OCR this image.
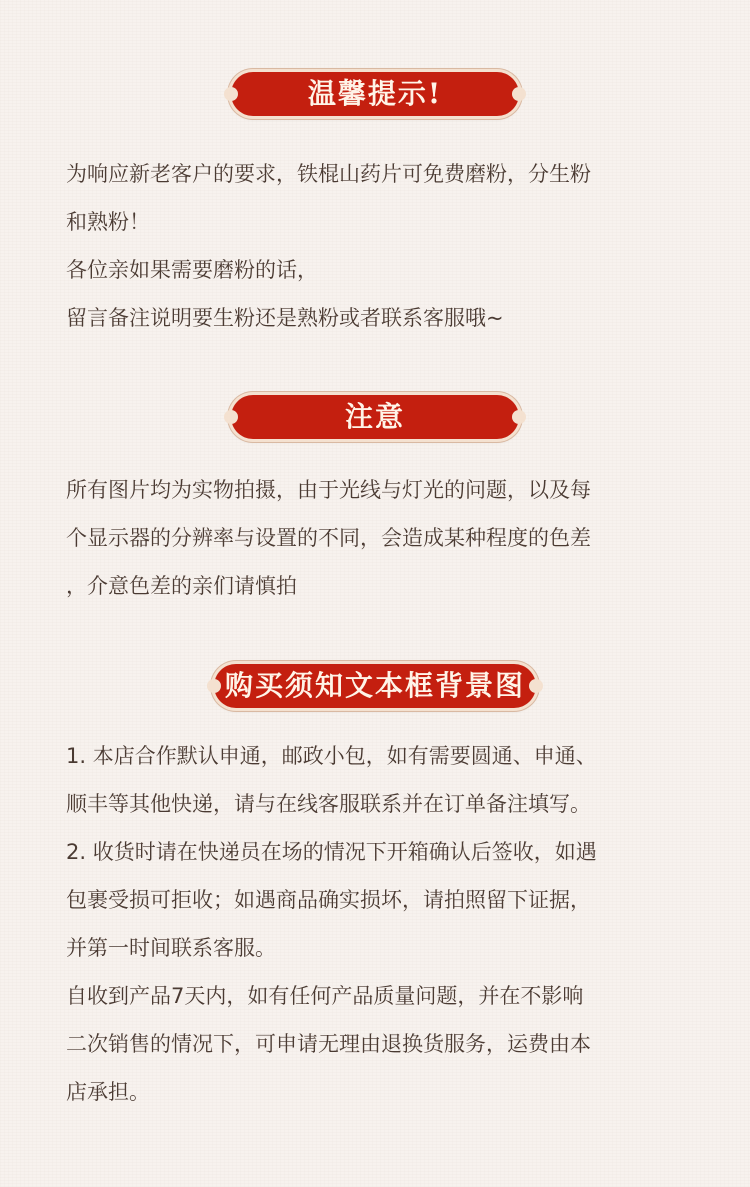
温馨提示!
为响应新老客户的要求，铁棍山药片可免费磨粉，分生粉
和熟粉！
各位亲如果需要磨粉的话，
留言备注说明要生粉还是熟粉或者联系客服哦~
注意
所有图片均为实物拍摄，由于光线与灯光的问题，以及每
个显示器的分辨率与设置的不同，会造成某种程度的色差
，介意色差的亲们请慎拍
购买须知文本框背景图
1. 本店合作默认申通，邮政小包，如有需要圆通、申通、
顺丰等其他快递，请与在线客服联系并在订单备注填写。
2. 收货时请在快递员在场的情况下开箱确认后签收，如遇
包裹受损可拒收；如遇商品确实损坏，请拍照留下证据，
并第一时间联系客服。
自收到产品7天内，如有任何产品质量问题，并在不影响
二次销售的情况下，可申请无理由退换货服务，运费由本
店承担。
